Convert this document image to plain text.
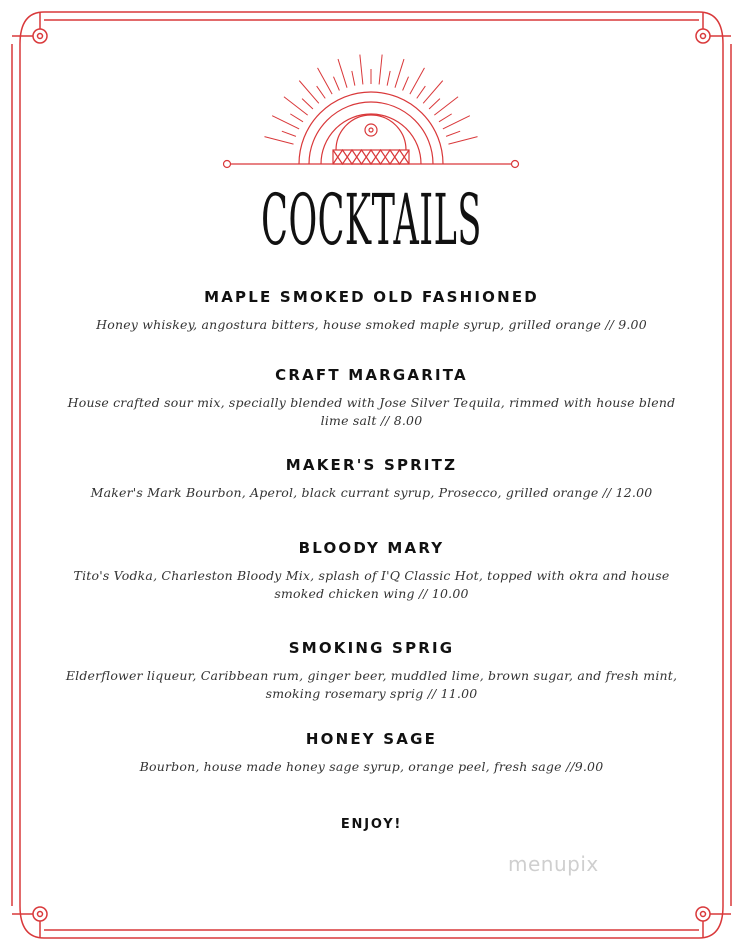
COCKTAILS
MAPLE SMOKED OLD FASHIONED
Honey whiskey, angostura bitters, house smoked maple syrup, grilled orange // 9.00
CRAFT MARGARITA
House crafted sour mix, specially blended with Jose Silver Tequila, rimmed with house blend lime salt // 8.00
MAKER'S SPRITZ
Maker's Mark Bourbon, Aperol, black currant syrup, Prosecco, grilled orange // 12.00
BLOODY MARY
Tito's Vodka, Charleston Bloody Mix, splash of I'Q Classic Hot, topped with okra and house smoked chicken wing // 10.00
SMOKING SPRIG
Elderflower liqueur, Caribbean rum, ginger beer, muddled lime, brown sugar, and fresh mint, smoking rosemary sprig // 11.00
HONEY SAGE
Bourbon, house made honey sage syrup, orange peel, fresh sage //9.00
ENJOY!
menupix
